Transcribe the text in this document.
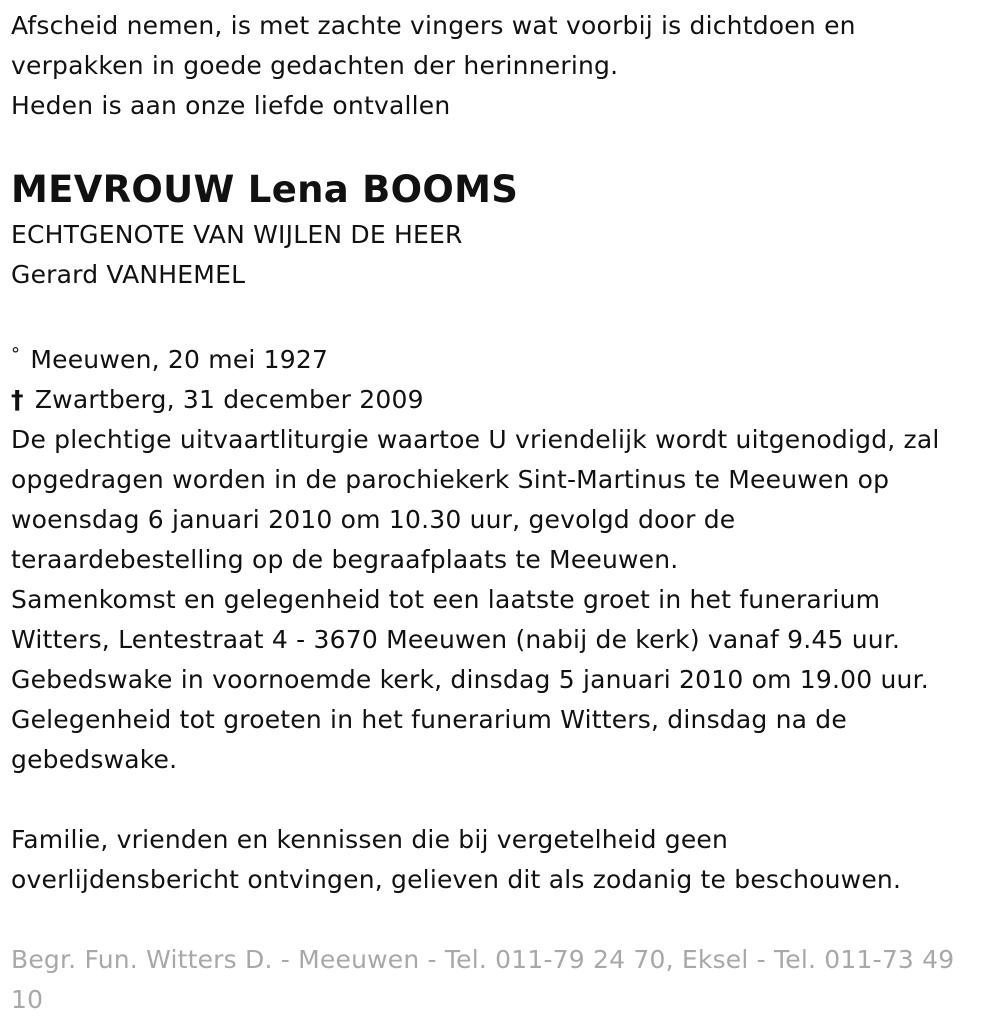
Afscheid nemen, is met zachte vingers wat voorbij is dichtdoen en
verpakken in goede gedachten der herinnering.
Heden is aan onze liefde ontvallen
MEVROUW Lena BOOMS
ECHTGENOTE VAN WIJLEN DE HEER
Gerard VANHEMEL
° Meeuwen, 20 mei 1927
† Zwartberg, 31 december 2009
De plechtige uitvaartliturgie waartoe U vriendelijk wordt uitgenodigd, zal
opgedragen worden in de parochiekerk Sint-Martinus te Meeuwen op
woensdag 6 januari 2010 om 10.30 uur, gevolgd door de
teraardebestelling op de begraafplaats te Meeuwen.
Samenkomst en gelegenheid tot een laatste groet in het funerarium
Witters, Lentestraat 4 - 3670 Meeuwen (nabij de kerk) vanaf 9.45 uur.
Gebedswake in voornoemde kerk, dinsdag 5 januari 2010 om 19.00 uur.
Gelegenheid tot groeten in het funerarium Witters, dinsdag na de
gebedswake.
Familie, vrienden en kennissen die bij vergetelheid geen
overlijdensbericht ontvingen, gelieven dit als zodanig te beschouwen.
Begr. Fun. Witters D. - Meeuwen - Tel. 011-79 24 70, Eksel - Tel. 011-73 49 10
